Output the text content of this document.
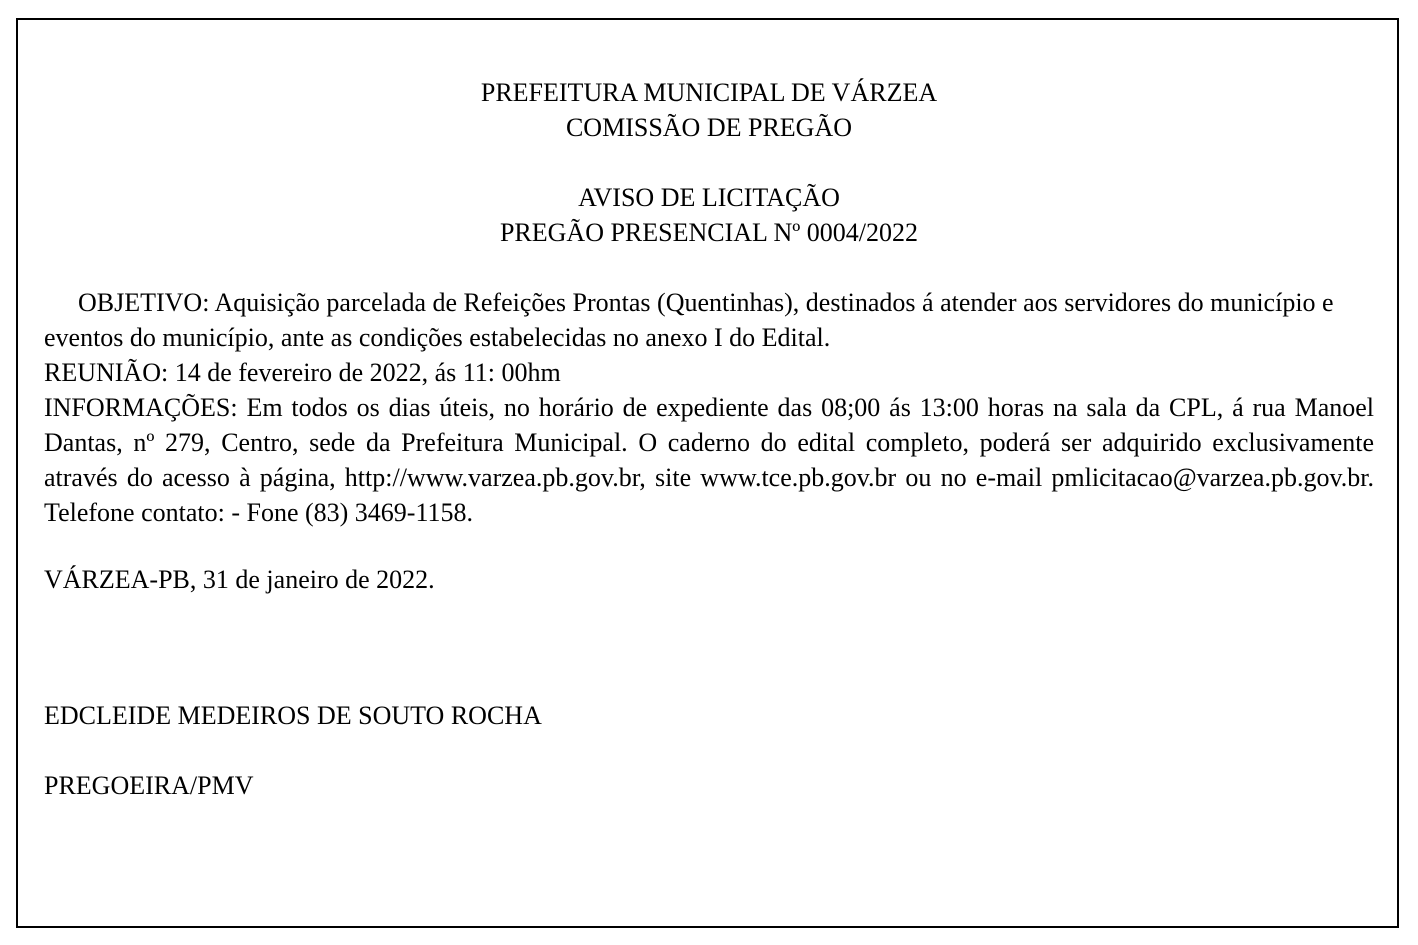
PREFEITURA MUNICIPAL DE VÁRZEA
COMISSÃO DE PREGÃO
AVISO DE LICITAÇÃO
PREGÃO PRESENCIAL Nº 0004/2022

OBJETIVO: Aquisição parcelada de Refeições Prontas (Quentinhas), destinados á atender aos servidores do município e eventos do município, ante as condições estabelecidas no anexo I do Edital.

REUNIÃO: 14 de fevereiro de 2022, ás 11: 00hm

INFORMAÇÕES: Em todos os dias úteis, no horário de expediente das 08;00 ás 13:00 horas na sala da CPL, á rua Manoel Dantas, nº 279, Centro, sede da Prefeitura Municipal. O caderno do edital completo, poderá ser adquirido exclusivamente através do acesso à página, http://www.varzea.pb.gov.br, site www.tce.pb.gov.br ou no e-mail pmlicitacao@varzea.pb.gov.br. Telefone contato: - Fone (83) 3469-1158.

VÁRZEA-PB, 31 de janeiro de 2022.
EDCLEIDE MEDEIROS DE SOUTO ROCHA
PREGOEIRA/PMV
